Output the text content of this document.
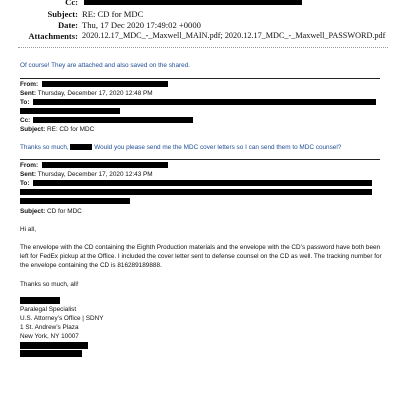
Cc:
Subject: RE: CD for MDC
Date: Thu, 17 Dec 2020 17:49:02 +0000
Attachments: 2020.12.17_MDC_-_Maxwell_MAIN.pdf; 2020.12.17_MDC_-_Maxwell_PASSWORD.pdf
Of course! They are attached and also saved on the shared.
From:
Sent: Thursday, December 17, 2020 12:48 PM
To:
Cc:
Subject: RE: CD for MDC
Thanks so much,	Would you please send me the MDC cover letters so I can send them to MDC counsel?
From:
Sent: Thursday, December 17, 2020 12:43 PM
To:
Subject: CD for MDC
Hi all,
The envelope with the CD containing the Eighth Production materials and the envelope with the CD’s password have both been left for FedEx pickup at the Office. I included the cover letter sent to defense counsel on the CD as well. The tracking number for the envelope containing the CD is 816289189888.
Thanks so much, all!
Paralegal Specialist
U.S. Attorney’s Office | SDNY
1 St. Andrew’s Plaza
New York, NY 10007
